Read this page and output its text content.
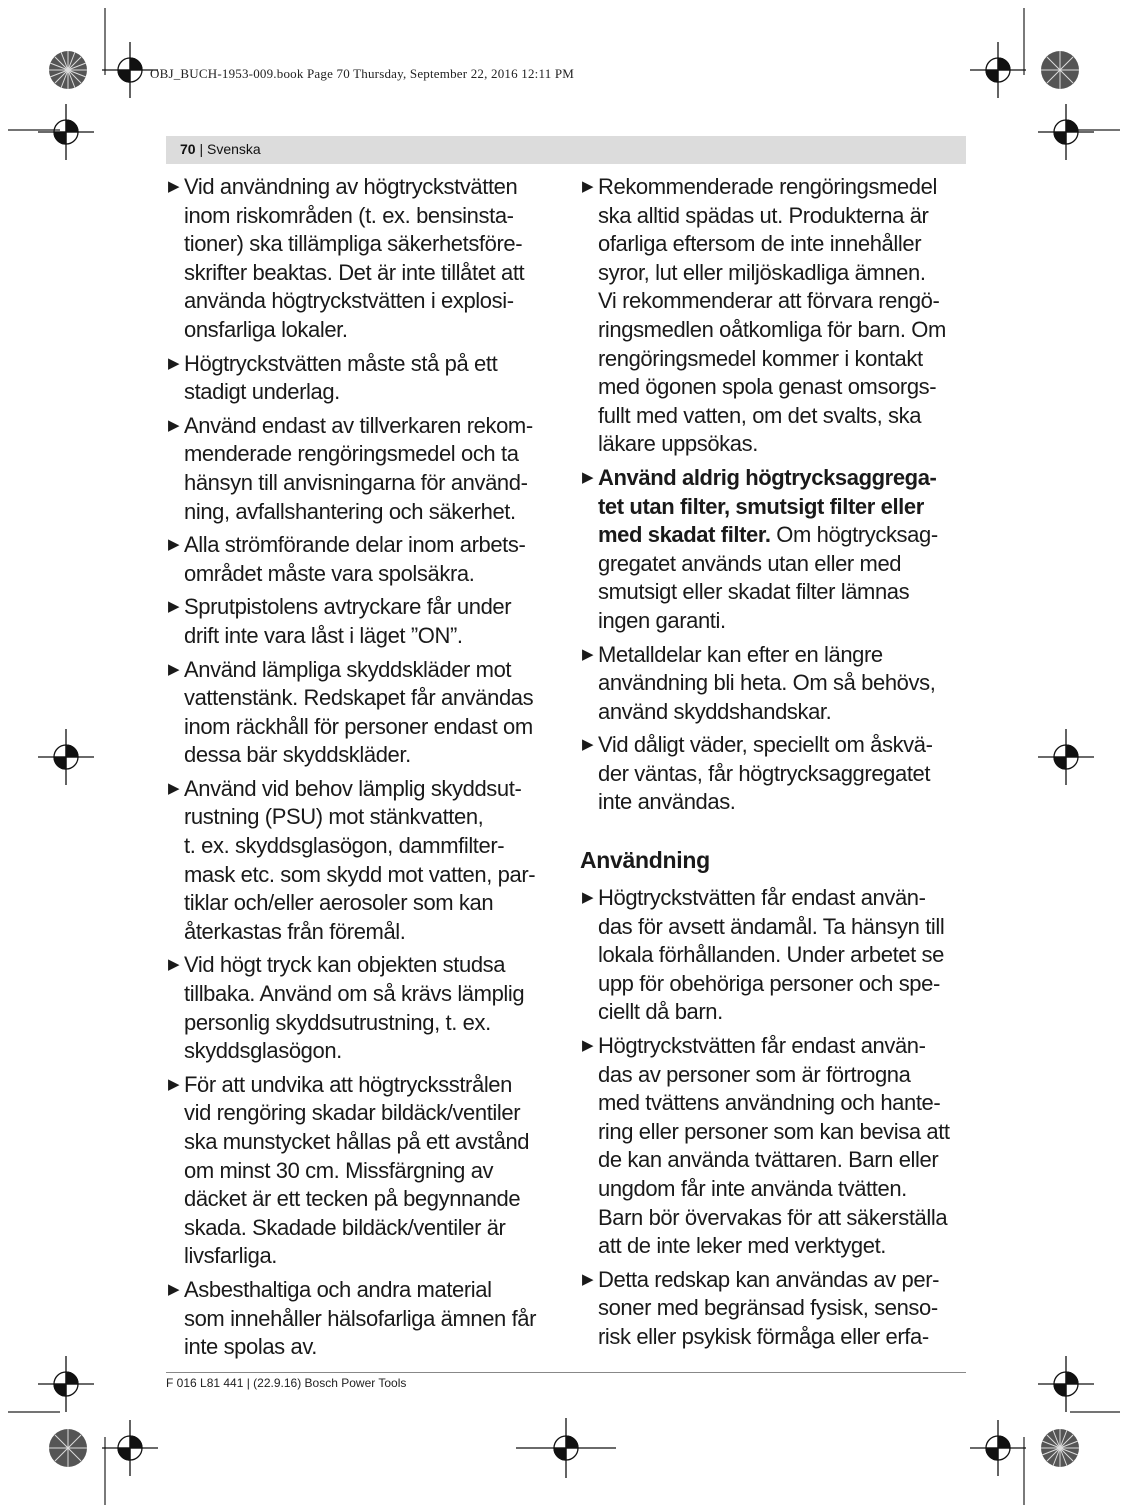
OBJ_BUCH-1953-009.book Page 70 Thursday, September 22, 2016 12:11 PM
70 | Svenska
▶ Vid användning av högtryckstvätten
inom riskområden (t. ex. bensinsta-
tioner) ska tillämpliga säkerhetsföre-
skrifter beaktas. Det är inte tillåtet att
använda högtryckstvätten i explosi-
onsfarliga lokaler.
▶ Högtryckstvätten måste stå på ett
stadigt underlag.
▶ Använd endast av tillverkaren rekom-
menderade rengöringsmedel och ta
hänsyn till anvisningarna för använd-
ning, avfallshantering och säkerhet.
▶ Alla strömförande delar inom arbets-
området måste vara spolsäkra.
▶ Sprutpistolens avtryckare får under
drift inte vara låst i läget ”ON”.
▶ Använd lämpliga skyddskläder mot
vattenstänk. Redskapet får användas
inom räckhåll för personer endast om
dessa bär skyddskläder.
▶ Använd vid behov lämplig skyddsut-
rustning (PSU) mot stänkvatten,
t. ex. skyddsglasögon, dammfilter-
mask etc. som skydd mot vatten, par-
tiklar och/eller aerosoler som kan
återkastas från föremål.
▶ Vid högt tryck kan objekten studsa
tillbaka. Använd om så krävs lämplig
personlig skyddsutrustning, t. ex.
skyddsglasögon.
▶ För att undvika att högtrycksstrålen
vid rengöring skadar bildäck/ventiler
ska munstycket hållas på ett avstånd
om minst 30 cm. Missfärgning av
däcket är ett tecken på begynnande
skada. Skadade bildäck/ventiler är
livsfarliga.
▶ Asbesthaltiga och andra material
som innehåller hälsofarliga ämnen får
inte spolas av.
▶ Rekommenderade rengöringsmedel
ska alltid spädas ut. Produkterna är
ofarliga eftersom de inte innehåller
syror, lut eller miljöskadliga ämnen.
Vi rekommenderar att förvara rengö-
ringsmedlen oåtkomliga för barn. Om
rengöringsmedel kommer i kontakt
med ögonen spola genast omsorgs-
fullt med vatten, om det svalts, ska
läkare uppsökas.
▶ Använd aldrig högtrycksaggrega-
tet utan filter, smutsigt filter eller
med skadat filter. Om högtrycksag-

gregatet används utan eller med
smutsigt eller skadat filter lämnas
ingen garanti.
▶ Metalldelar kan efter en längre
användning bli heta. Om så behövs,
använd skyddshandskar.
▶ Vid dåligt väder, speciellt om åskvä-
der väntas, får högtrycksaggregatet
inte användas.
Användning
▶ Högtryckstvätten får endast använ-
das för avsett ändamål. Ta hänsyn till
lokala förhållanden. Under arbetet se
upp för obehöriga personer och spe-
ciellt då barn.
▶ Högtryckstvätten får endast använ-
das av personer som är förtrogna
med tvättens användning och hante-
ring eller personer som kan bevisa att
de kan använda tvättaren. Barn eller
ungdom får inte använda tvätten.
Barn bör övervakas för att säkerställa
att de inte leker med verktyget.
▶ Detta redskap kan användas av per-
soner med begränsad fysisk, senso-
risk eller psykisk förmåga eller erfa-
F 016 L81 441 | (22.9.16) Bosch Power Tools
